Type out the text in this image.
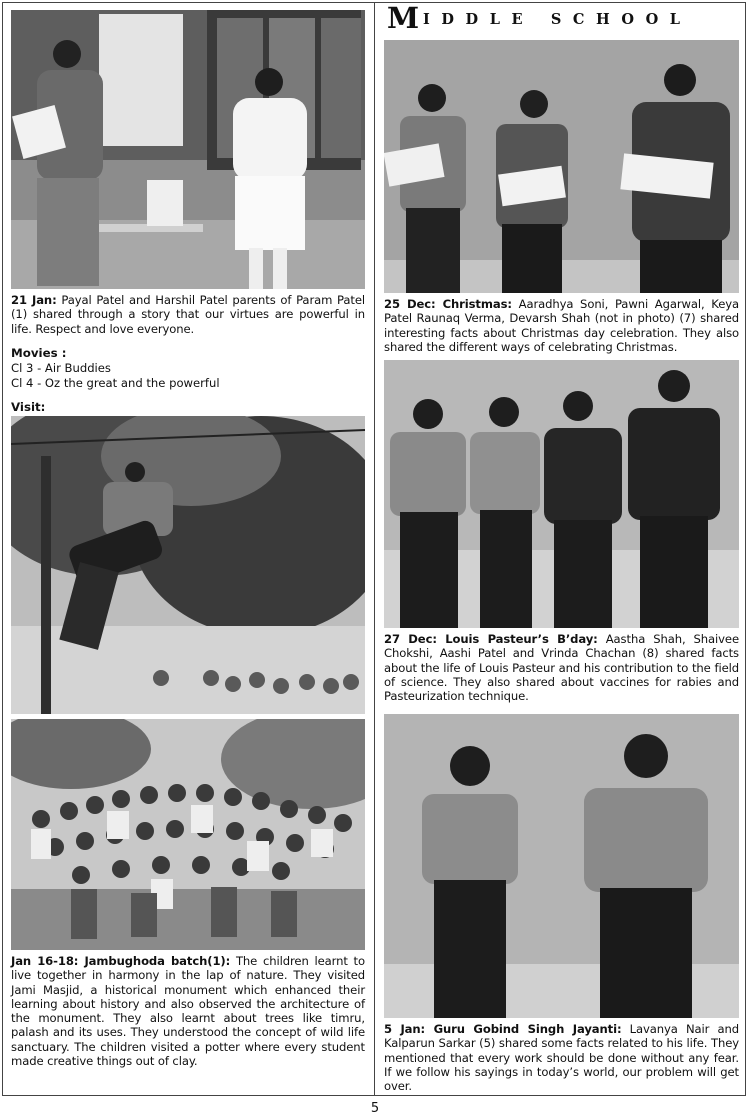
21 Jan: Payal Patel and Harshil Patel parents of Param Patel (1) shared through a story that our virtues are powerful in life. Respect and love everyone.
Movies :
Cl 3 - Air Buddies
Cl 4 - Oz the great and the powerful
Visit:
Jan 16-18: Jambughoda batch(1): The children learnt to live together in harmony in the lap of nature. They visited Jami Masjid, a historical monument which enhanced their learning about history and also observed the architecture of the monument. They also learnt about trees like timru, palash and its uses. They understood the concept of wild life sanctuary. The children visited a potter where every student made creative things out of clay.
M IDDLE SCHOOL
25 Dec: Christmas: Aaradhya Soni, Pawni Agarwal, Keya Patel Raunaq Verma, Devarsh Shah (not in photo) (7) shared interesting facts about Christmas day celebration. They also shared the different ways of celebrating Christmas.
27 Dec: Louis Pasteur’s B’day: Aastha Shah, Shaivee Chokshi, Aashi Patel and Vrinda Chachan (8) shared facts about the life of Louis Pasteur and his contribution to the field of science. They also shared about vaccines for rabies and Pasteurization technique.
5 Jan: Guru Gobind Singh Jayanti: Lavanya Nair and Kalparun Sarkar (5) shared some facts related to his life. They mentioned that every work should be done without any fear. If we follow his sayings in today’s world, our problem will get over.
5
